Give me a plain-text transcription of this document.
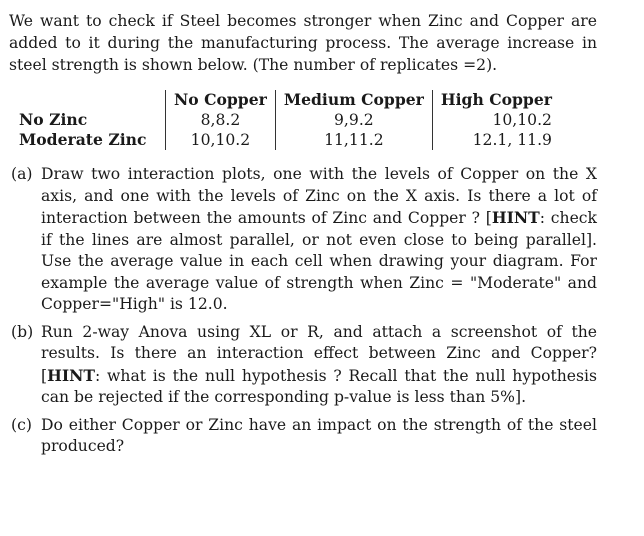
We want to check if Steel becomes stronger when Zinc and Copper are
added to it during the manufacturing process. The average increase in
steel strength is shown below. (The number of replicates =2).

	No Copper	Medium Copper	High Copper
No Zinc	8,8.2	9,9.2	10,10.2
Moderate Zinc	10,10.2	11,11.2	12.1, 11.9
(a) Draw two interaction plots, one with the levels of Copper on the X
axis, and one with the levels of Zinc on the X axis. Is there a lot of
interaction between the amounts of Zinc and Copper ? [HINT: check
if the lines are almost parallel, or not even close to being parallel].
Use the average value in each cell when drawing your diagram. For
example the average value of strength when Zinc = "Moderate" and
Copper="High" is 12.0.
(b) Run 2-way Anova using XL or R, and attach a screenshot of the
results. Is there an interaction effect between Zinc and Copper?
[HINT: what is the null hypothesis ? Recall that the null hypothesis
can be rejected if the corresponding p-value is less than 5%].
(c) Do either Copper or Zinc have an impact on the strength of the steel
produced?
